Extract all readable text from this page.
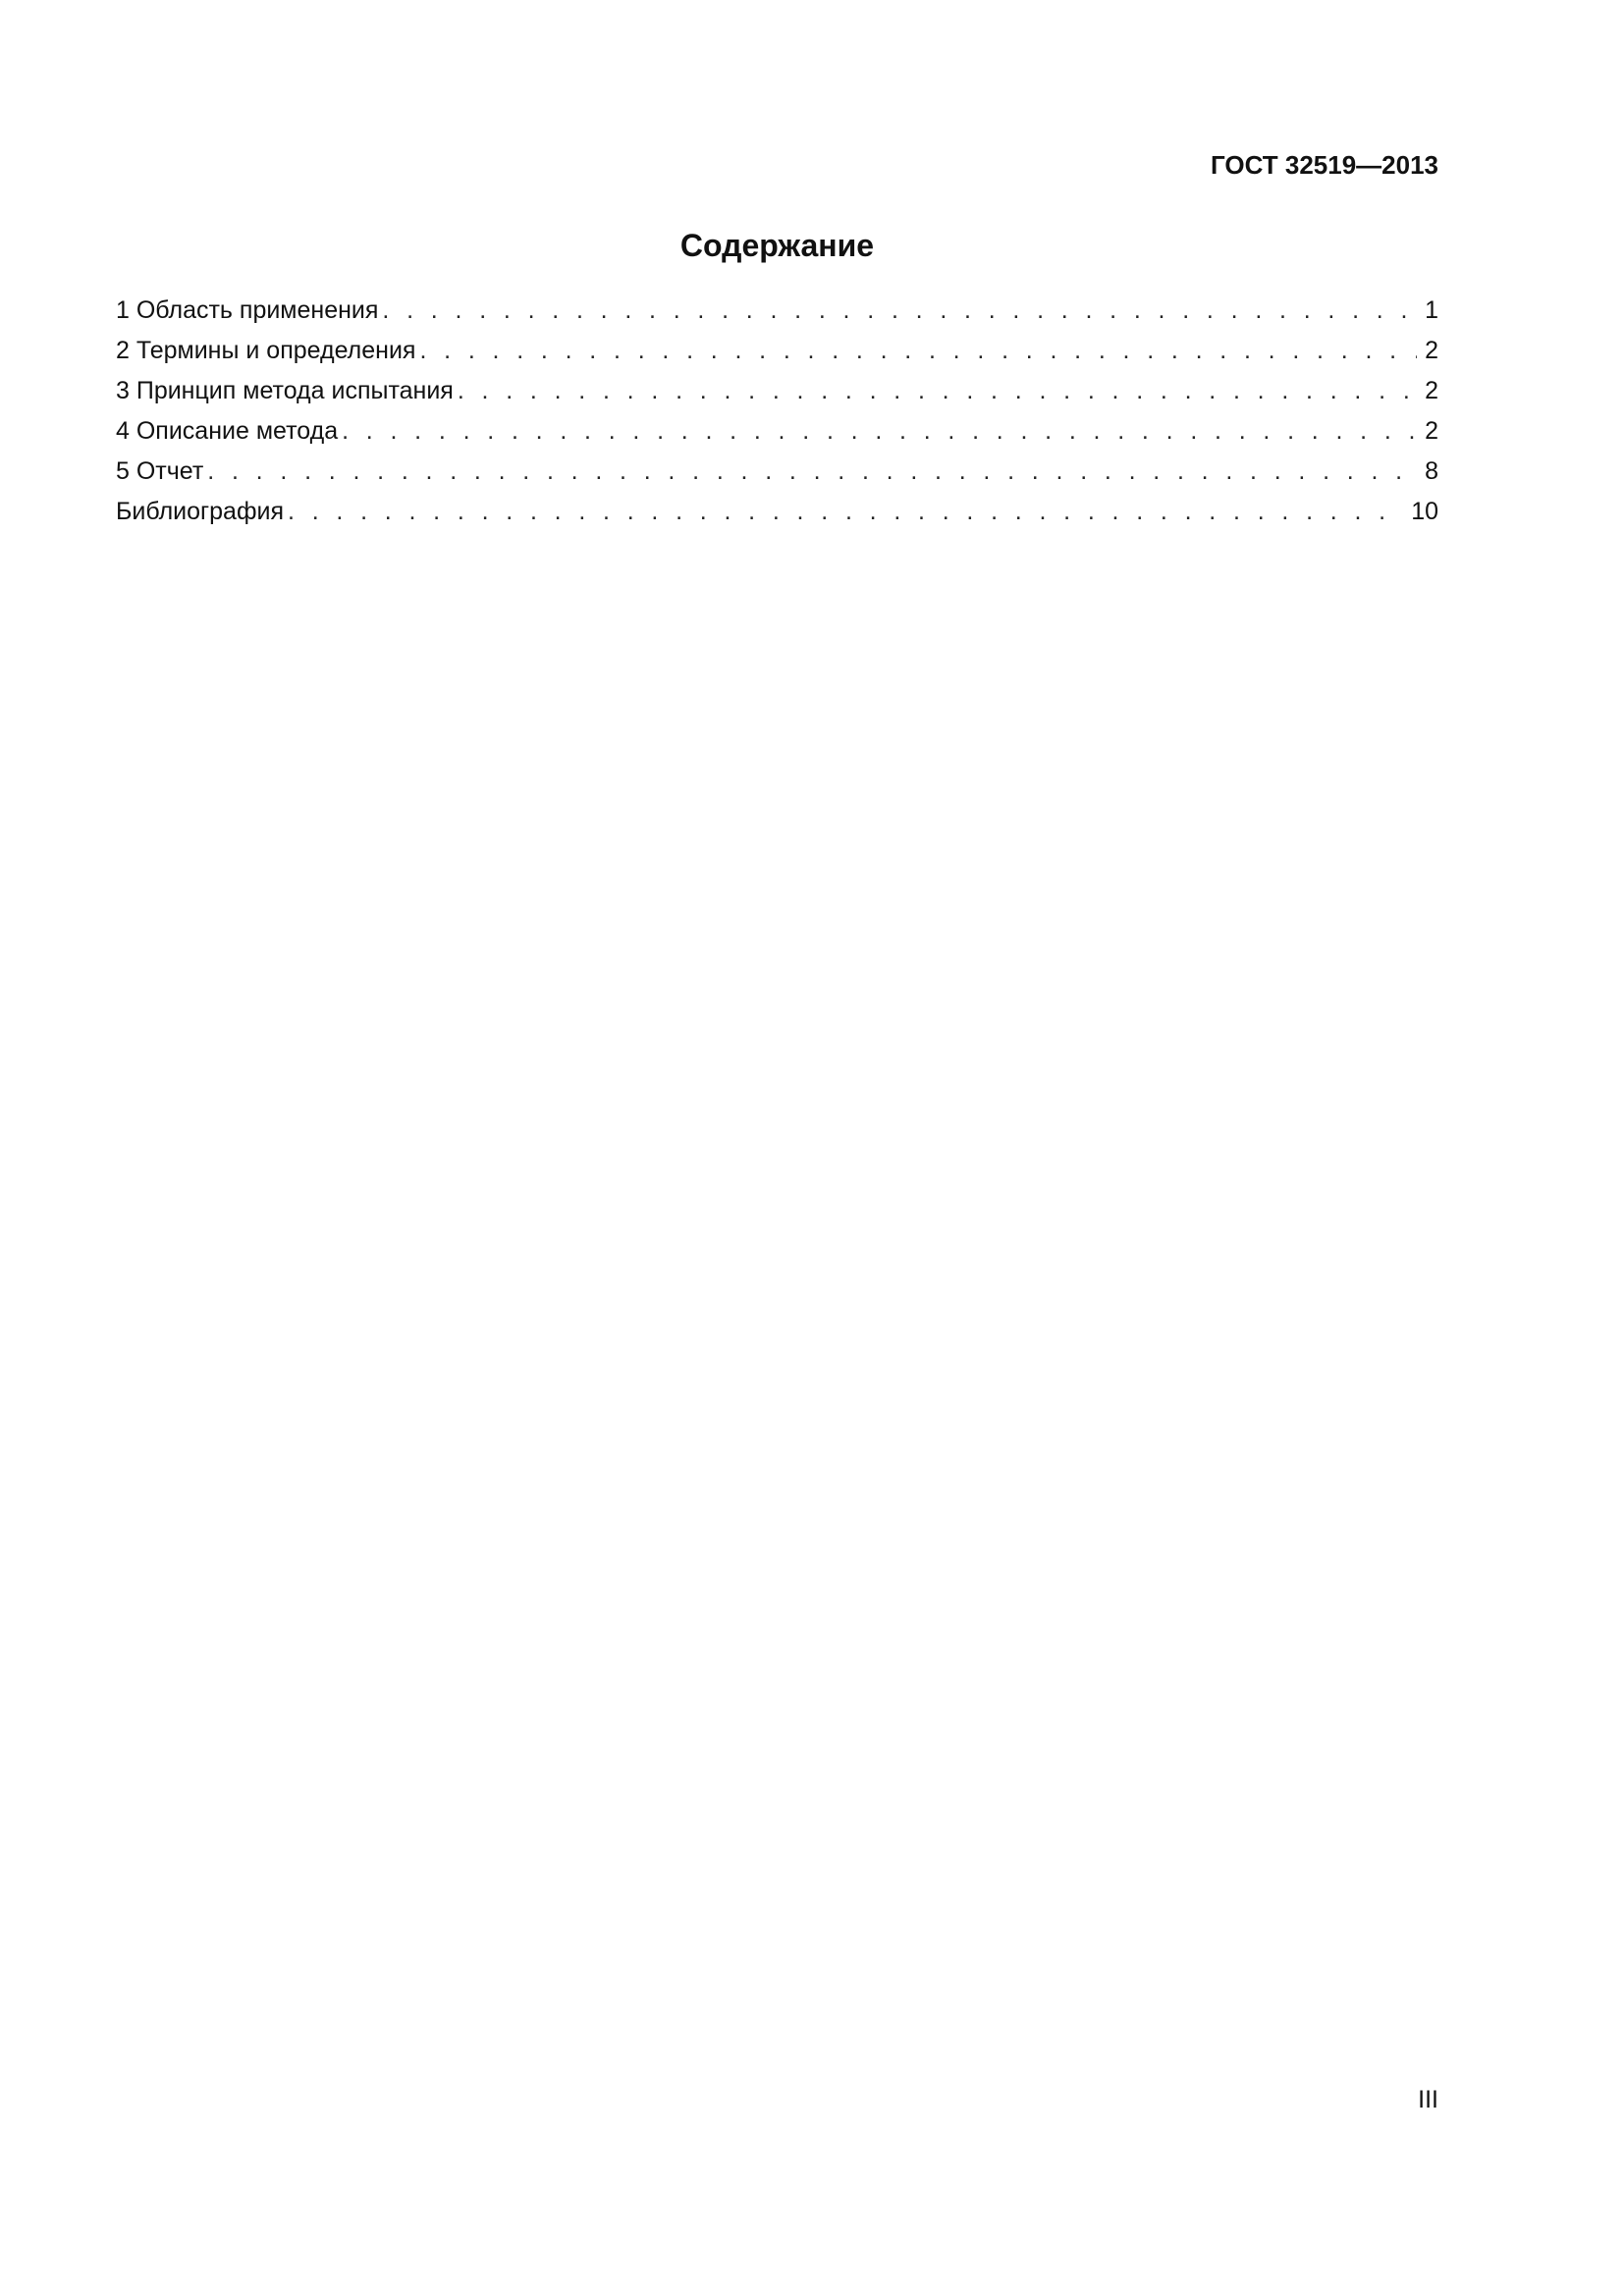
ГОСТ 32519—2013
Содержание
1 Область применения . . .	1
2 Термины и определения . . .	2
3 Принцип метода испытания . . .	2
4 Описание метода . . .	2
5 Отчет . . .	8
Библиография . . .	10
III
